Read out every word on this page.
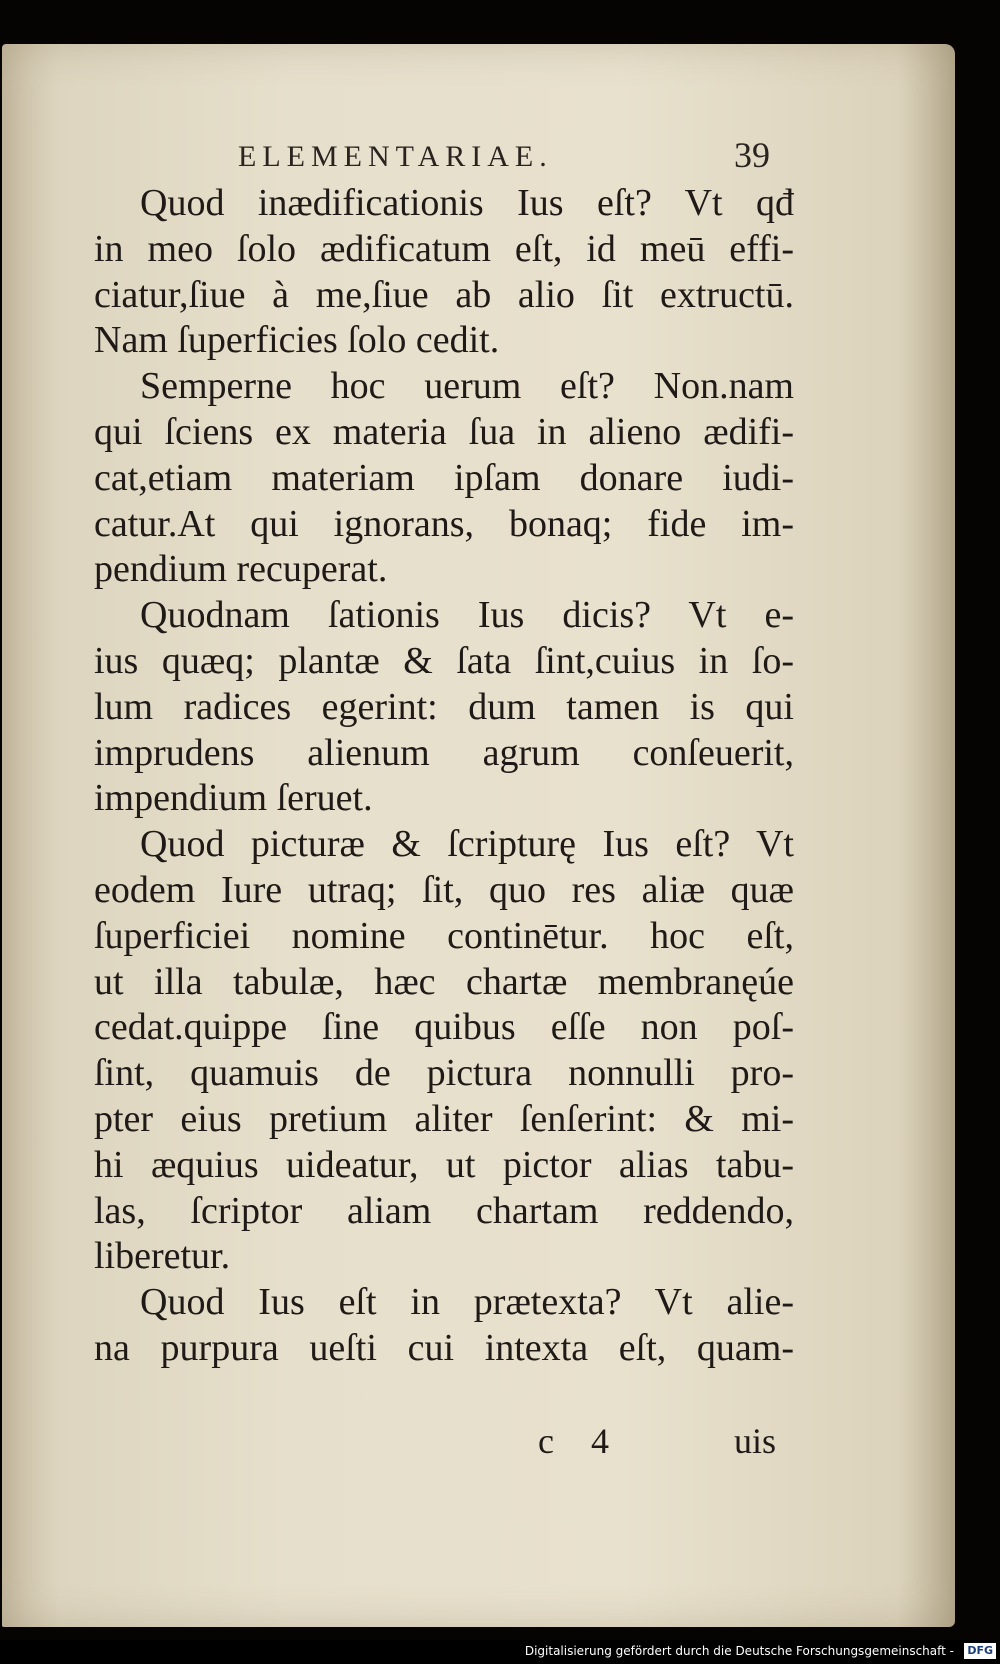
ELEMENTARIAE.	39
Quod inædificationis Ius eſt? Vt qđ
in meo ſolo ædificatum eſt, id meū effi-
ciatur,ſiue à me,ſiue ab alio ſit extructū.
Nam ſuperficies ſolo cedit.
Semperne hoc uerum eſt? Non.nam
qui ſciens ex materia ſua in alieno ædifi-
cat,etiam materiam ipſam donare iudi-
catur.At qui ignorans, bonaq; fide im-
pendium recuperat.
Quodnam ſationis Ius dicis? Vt e-
ius quæq; plantæ & ſata ſint,cuius in ſo-
lum radices egerint: dum tamen is qui
imprudens alienum agrum conſeuerit,
impendium ſeruet.
Quod picturæ & ſcripturę Ius eſt? Vt
eodem Iure utraq; ſit, quo res aliæ quæ
ſuperficiei nomine continētur. hoc eſt,
ut illa tabulæ, hæc chartæ membranęúe
cedat.quippe ſine quibus eſſe non poſ-
ſint, quamuis de pictura nonnulli pro-
pter eius pretium aliter ſenſerint: & mi-
hi æquius uideatur, ut pictor alias tabu-
las, ſcriptor aliam chartam reddendo,
liberetur.
Quod Ius eſt in prætexta? Vt alie-
na purpura ueſti cui intexta eſt, quam-
c 4	uis
Digitalisierung gefördert durch die Deutsche Forschungsgemeinschaft - DFG
